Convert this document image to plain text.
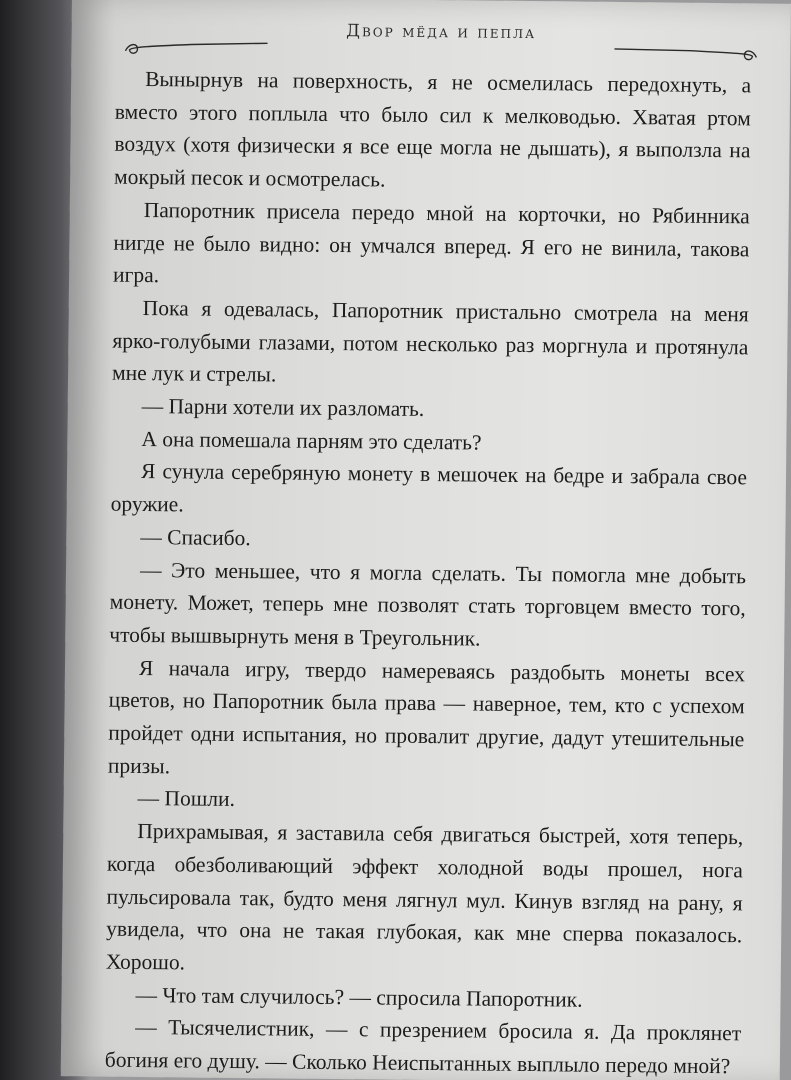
Двор мёда и пепла

Вынырнув на поверхность, я не осмелилась передохнуть, а вместо этого поплыла что было сил к мелководью. Хватая ртом воздух (хотя физически я все еще могла не дышать), я выползла на мокрый песок и осмотрелась.

Папоротник присела передо мной на корточки, но Рябинника нигде не было видно: он умчался вперед. Я его не винила, такова игра.

Пока я одевалась, Папоротник пристально смотрела на меня ярко-голубыми глазами, потом несколько раз моргнула и протянула мне лук и стрелы.

— Парни хотели их разломать.

А она помешала парням это сделать?

Я сунула серебряную монету в мешочек на бедре и забрала свое оружие.

— Спасибо.

— Это меньшее, что я могла сделать. Ты помогла мне добыть монету. Может, теперь мне позволят стать торговцем вместо того, чтобы вышвырнуть меня в Треугольник.

Я начала игру, твердо намереваясь раздобыть монеты всех цветов, но Папоротник была права — наверное, тем, кто с успехом пройдет одни испытания, но провалит другие, дадут утешительные призы.

— Пошли.

Прихрамывая, я заставила себя двигаться быстрей, хотя теперь, когда обезболивающий эффект холодной воды прошел, нога пульсировала так, будто меня лягнул мул. Кинув взгляд на рану, я увидела, что она не такая глубокая, как мне сперва показалось. Хорошо.

— Что там случилось? — спросила Папоротник.

— Тысячелистник, — с презрением бросила я. Да проклянет богиня его душу. — Сколько Неиспытанных выплыло передо мной?
